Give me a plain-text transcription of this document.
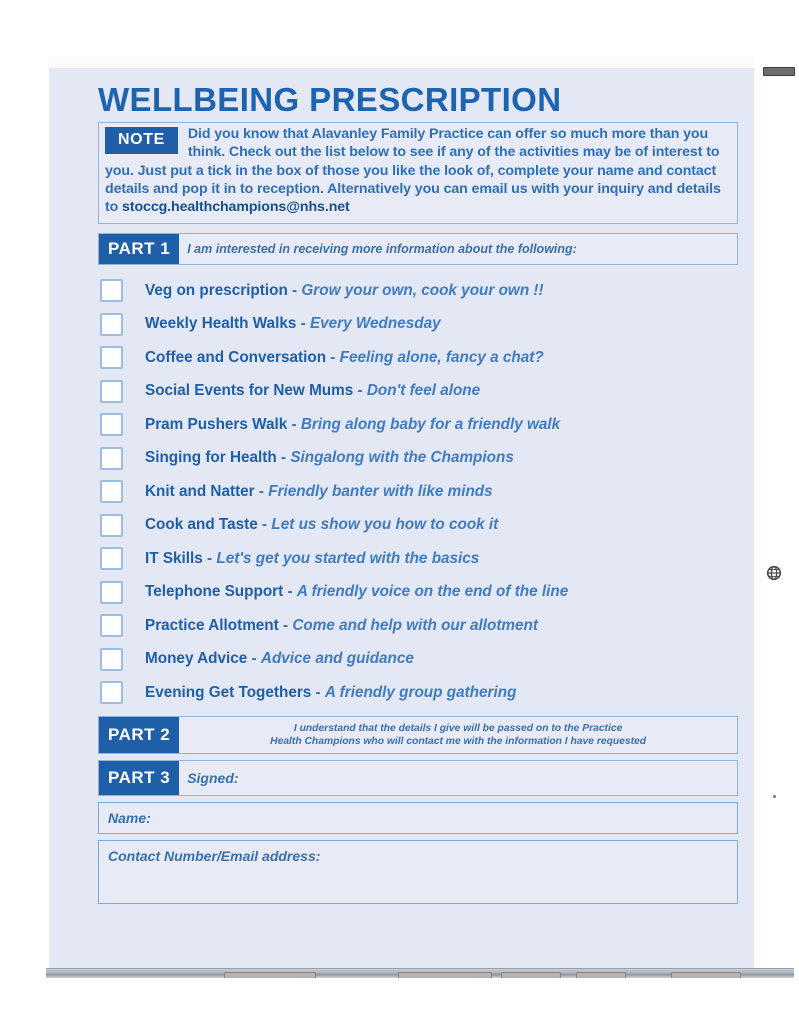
WELLBEING PRESCRIPTION
NOTE	Did you know that Alavanley Family Practice can offer so much more than you think. Check out the list below to see if any of the activities may be of interest to you. Just put a tick in the box of those you like the look of, complete your name and contact details and pop it in to reception. Alternatively you can email us with your inquiry and details to stoccg.healthchampions@nhs.net
PART 1	I am interested in receiving more information about the following:
Veg on prescription - Grow your own, cook your own !!
Weekly Health Walks - Every Wednesday
Coffee and Conversation - Feeling alone, fancy a chat?
Social Events for New Mums - Don't feel alone
Pram Pushers Walk - Bring along baby for a friendly walk
Singing for Health - Singalong with the Champions
Knit and Natter - Friendly banter with like minds
Cook and Taste - Let us show you how to cook it
IT Skills - Let's get you started with the basics
Telephone Support - A friendly voice on the end of the line
Practice Allotment - Come and help with our allotment
Money Advice - Advice and guidance
Evening Get Togethers - A friendly group gathering
PART 2	I understand that the details I give will be passed on to the Practice
Health Champions who will contact me with the information I have requested
PART 3	Signed:
Name:
Contact Number/Email address:
